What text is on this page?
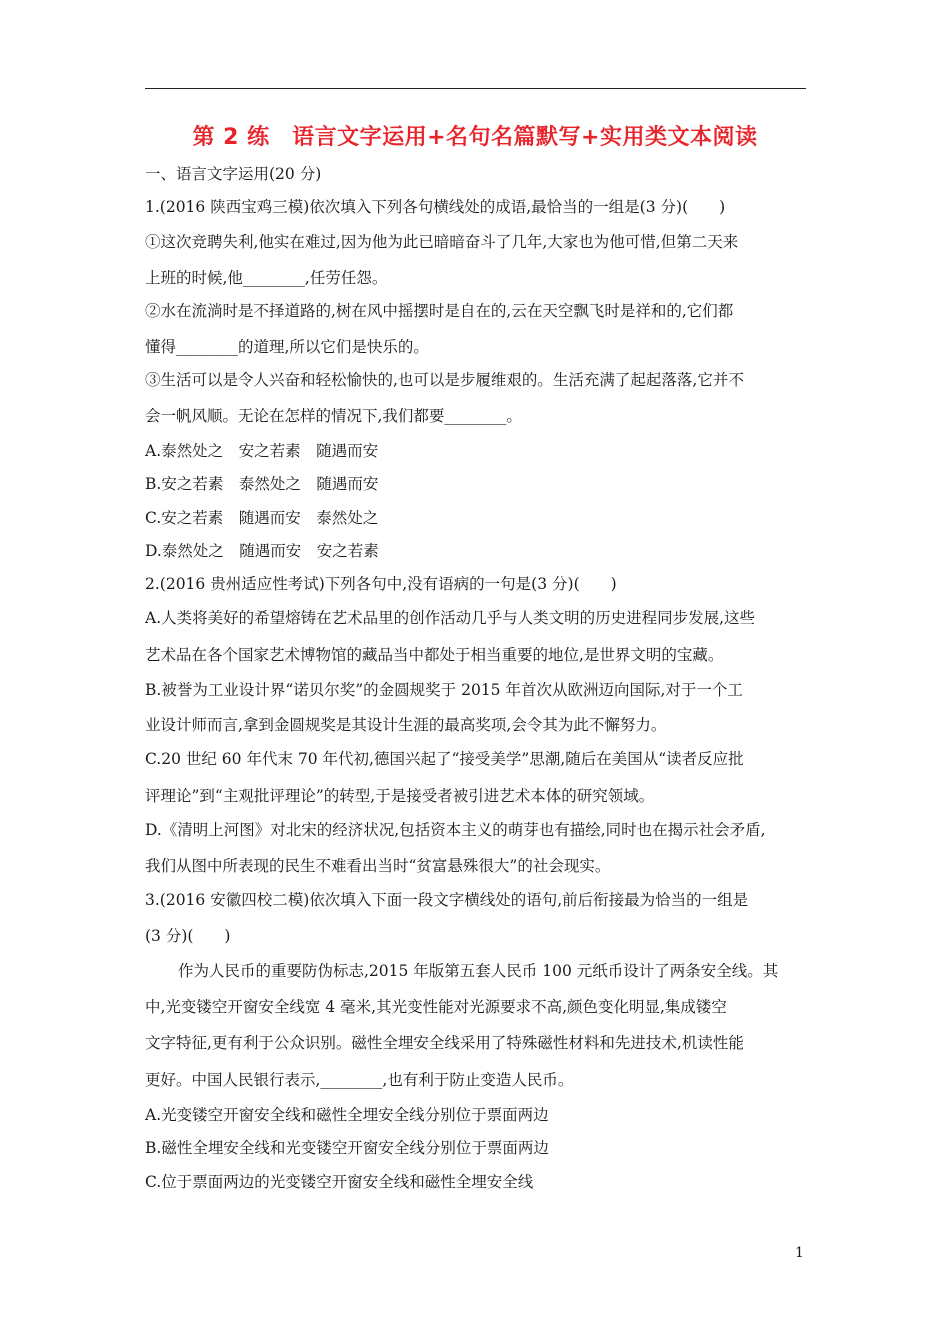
第 2 练　语言文字运用+名句名篇默写+实用类文本阅读
一、语言文字运用(20 分)
1.(2016 陕西宝鸡三模)依次填入下列各句横线处的成语,最恰当的一组是(3 分)(　　)
①这次竞聘失利,他实在难过,因为他为此已暗暗奋斗了几年,大家也为他可惜,但第二天来
上班的时候,他________,任劳任怨。
②水在流淌时是不择道路的,树在风中摇摆时是自在的,云在天空飘飞时是祥和的,它们都
懂得________的道理,所以它们是快乐的。
③生活可以是令人兴奋和轻松愉快的,也可以是步履维艰的。生活充满了起起落落,它并不
会一帆风顺。无论在怎样的情况下,我们都要________。
A.泰然处之　安之若素　随遇而安
B.安之若素　泰然处之　随遇而安
C.安之若素　随遇而安　泰然处之
D.泰然处之　随遇而安　安之若素
2.(2016 贵州适应性考试)下列各句中,没有语病的一句是(3 分)(　　)
A.人类将美好的希望熔铸在艺术品里的创作活动几乎与人类文明的历史进程同步发展,这些
艺术品在各个国家艺术博物馆的藏品当中都处于相当重要的地位,是世界文明的宝藏。
B.被誉为工业设计界“诺贝尔奖”的金圆规奖于 2015 年首次从欧洲迈向国际,对于一个工
业设计师而言,拿到金圆规奖是其设计生涯的最高奖项,会令其为此不懈努力。
C.20 世纪 60 年代末 70 年代初,德国兴起了“接受美学”思潮,随后在美国从“读者反应批
评理论”到“主观批评理论”的转型,于是接受者被引进艺术本体的研究领域。
D.《清明上河图》对北宋的经济状况,包括资本主义的萌芽也有描绘,同时也在揭示社会矛盾,
我们从图中所表现的民生不难看出当时“贫富悬殊很大”的社会现实。
3.(2016 安徽四校二模)依次填入下面一段文字横线处的语句,前后衔接最为恰当的一组是
(3 分)(　　)
作为人民币的重要防伪标志,2015 年版第五套人民币 100 元纸币设计了两条安全线。其
中,光变镂空开窗安全线宽 4 毫米,其光变性能对光源要求不高,颜色变化明显,集成镂空
文字特征,更有利于公众识别。磁性全埋安全线采用了特殊磁性材料和先进技术,机读性能
更好。中国人民银行表示,________,也有利于防止变造人民币。
A.光变镂空开窗安全线和磁性全埋安全线分别位于票面两边
B.磁性全埋安全线和光变镂空开窗安全线分别位于票面两边
C.位于票面两边的光变镂空开窗安全线和磁性全埋安全线
1
